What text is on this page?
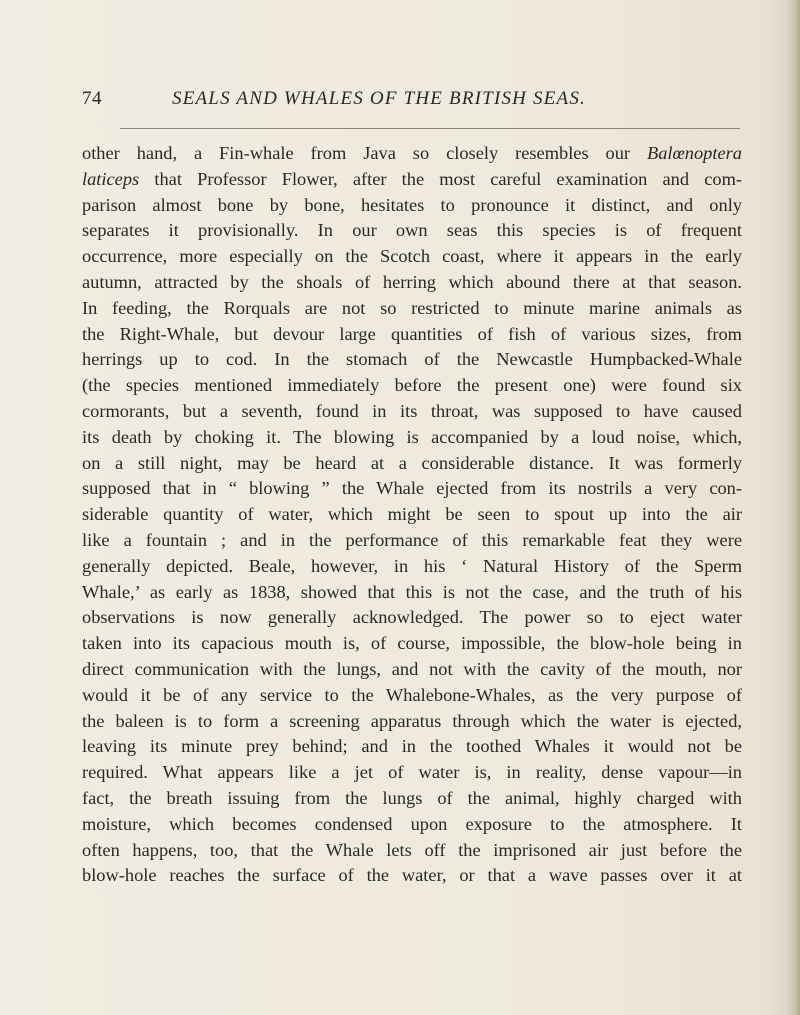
74	SEALS AND WHALES OF THE BRITISH SEAS.
other hand, a Fin-whale from Java so closely resembles our Balœnoptera
laticeps that Professor Flower, after the most careful examination and com-
parison almost bone by bone, hesitates to pronounce it distinct, and only
separates it provisionally. In our own seas this species is of frequent
occurrence, more especially on the Scotch coast, where it appears in the early
autumn, attracted by the shoals of herring which abound there at that season.
In feeding, the Rorquals are not so restricted to minute marine animals as
the Right-Whale, but devour large quantities of fish of various sizes, from
herrings up to cod. In the stomach of the Newcastle Humpbacked-Whale
(the species mentioned immediately before the present one) were found six
cormorants, but a seventh, found in its throat, was supposed to have caused
its death by choking it. The blowing is accompanied by a loud noise, which,
on a still night, may be heard at a considerable distance. It was formerly
supposed that in “ blowing ” the Whale ejected from its nostrils a very con-
siderable quantity of water, which might be seen to spout up into the air
like a fountain ; and in the performance of this remarkable feat they were
generally depicted. Beale, however, in his ‘ Natural History of the Sperm
Whale,’ as early as 1838, showed that this is not the case, and the truth of his
observations is now generally acknowledged. The power so to eject water
taken into its capacious mouth is, of course, impossible, the blow-hole being in
direct communication with the lungs, and not with the cavity of the mouth, nor
would it be of any service to the Whalebone-Whales, as the very purpose of
the baleen is to form a screening apparatus through which the water is ejected,
leaving its minute prey behind; and in the toothed Whales it would not be
required. What appears like a jet of water is, in reality, dense vapour—in
fact, the breath issuing from the lungs of the animal, highly charged with
moisture, which becomes condensed upon exposure to the atmosphere. It
often happens, too, that the Whale lets off the imprisoned air just before the
blow-hole reaches the surface of the water, or that a wave passes over it at
